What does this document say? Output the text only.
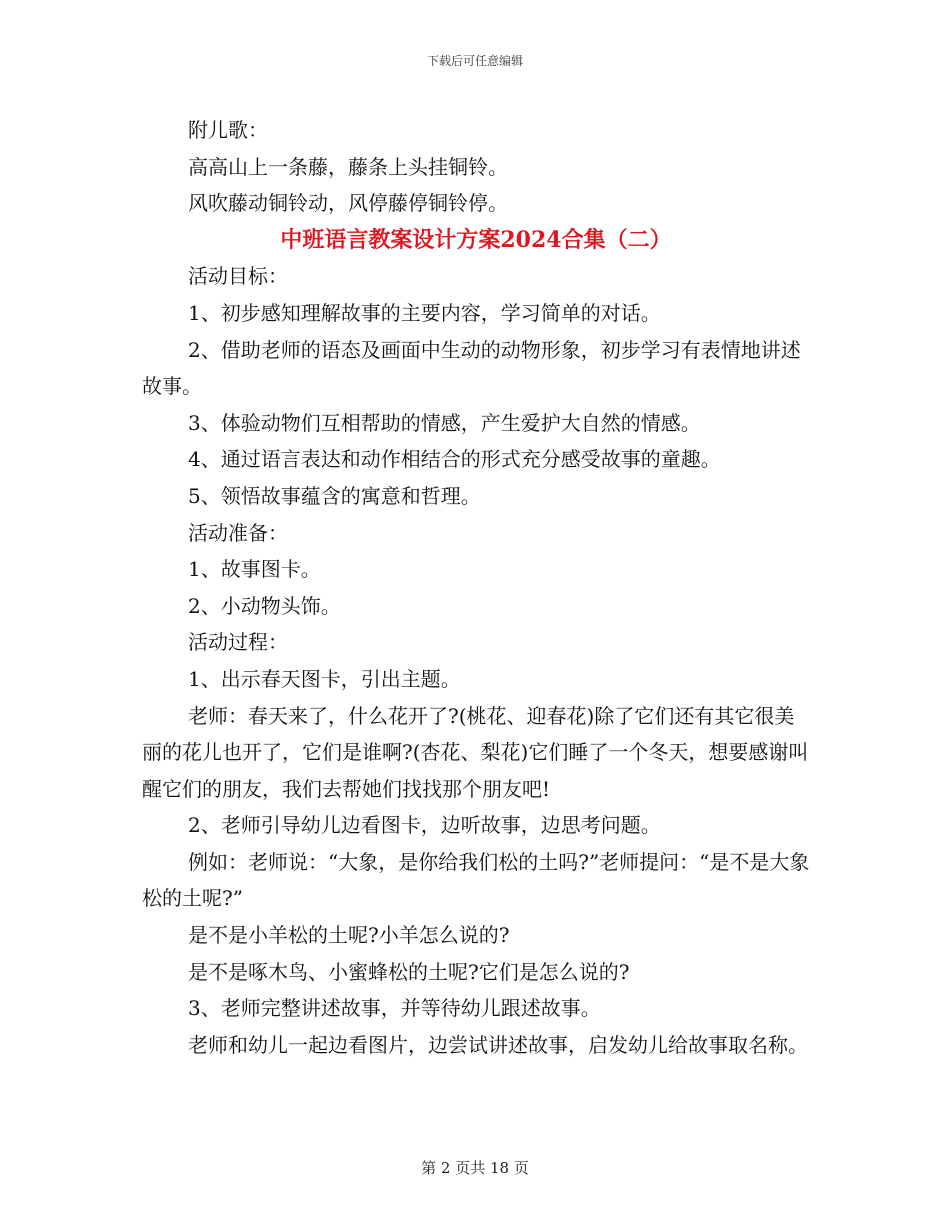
下载后可任意编辑

附儿歌：

高高山上一条藤，藤条上头挂铜铃。

风吹藤动铜铃动，风停藤停铜铃停。

中班语言教案设计方案2024合集（二）

活动目标：

1、初步感知理解故事的主要内容，学习简单的对话。

2、借助老师的语态及画面中生动的动物形象，初步学习有表情地讲述故事。

3、体验动物们互相帮助的情感，产生爱护大自然的情感。

4、通过语言表达和动作相结合的形式充分感受故事的童趣。

5、领悟故事蕴含的寓意和哲理。

活动准备：

1、故事图卡。

2、小动物头饰。

活动过程：

1、出示春天图卡，引出主题。

老师：春天来了，什么花开了?(桃花、迎春花)除了它们还有其它很美丽的花儿也开了，它们是谁啊?(杏花、梨花)它们睡了一个冬天，想要感谢叫醒它们的朋友，我们去帮她们找找那个朋友吧!

2、老师引导幼儿边看图卡，边听故事，边思考问题。

例如：老师说：“大象，是你给我们松的土吗?”老师提问：“是不是大象松的土呢?”

是不是小羊松的土呢?小羊怎么说的?

是不是啄木鸟、小蜜蜂松的土呢?它们是怎么说的?

3、老师完整讲述故事，并等待幼儿跟述故事。

老师和幼儿一起边看图片，边尝试讲述故事，启发幼儿给故事取名称。

第 2 页共 18 页
